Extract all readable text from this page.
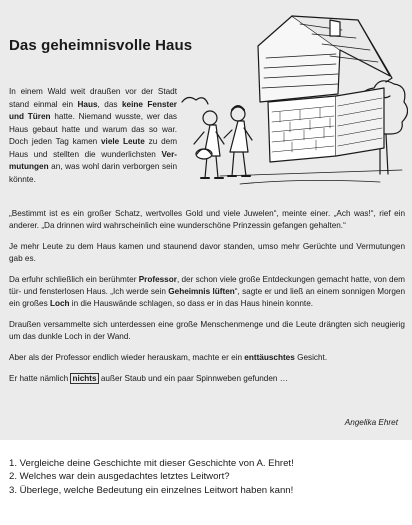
Das geheimnisvolle Haus

In einem Wald weit draußen vor der Stadt stand einmal ein Haus, das keine Fenster und Türen hatte. Niemand wusste, wer das Haus gebaut hatte und warum das so war. Doch jeden Tag kamen viele Leute zu dem Haus und stellten die wunderlichsten Vermutungen an, was wohl darin verborgen sein könnte.

„Bestimmt ist es ein großer Schatz, wertvolles Gold und viele Juwelen“, meinte einer. „Ach was!“, rief ein anderer. „Da drinnen wird wahrscheinlich eine wunderschöne Prinzessin gefangen gehalten.“

Je mehr Leute zu dem Haus kamen und staunend davor standen, umso mehr Gerüchte und Vermutungen gab es.

Da erfuhr schließlich ein berühmter Professor, der schon viele große Entdeckungen gemacht hatte, von dem tür- und fensterlosen Haus. „Ich werde sein Geheimnis lüften“, sagte er und ließ an einem sonnigen Morgen ein großes Loch in die Hauswände schlagen, so dass er in das Haus hinein konnte.

Draußen versammelte sich unterdessen eine große Menschenmenge und die Leute drängten sich neugierig um das dunkle Loch in der Wand.

Aber als der Professor endlich wieder herauskam, machte er ein enttäuschtes Gesicht.

Er hatte nämlich nichts außer Staub und ein paar Spinnweben gefunden …

Angelika Ehret

1. Vergleiche deine Geschichte mit dieser Geschichte von A. Ehret!
2. Welches war dein ausgedachtes letztes Leitwort?
3. Überlege, welche Bedeutung ein einzelnes Leitwort haben kann!
